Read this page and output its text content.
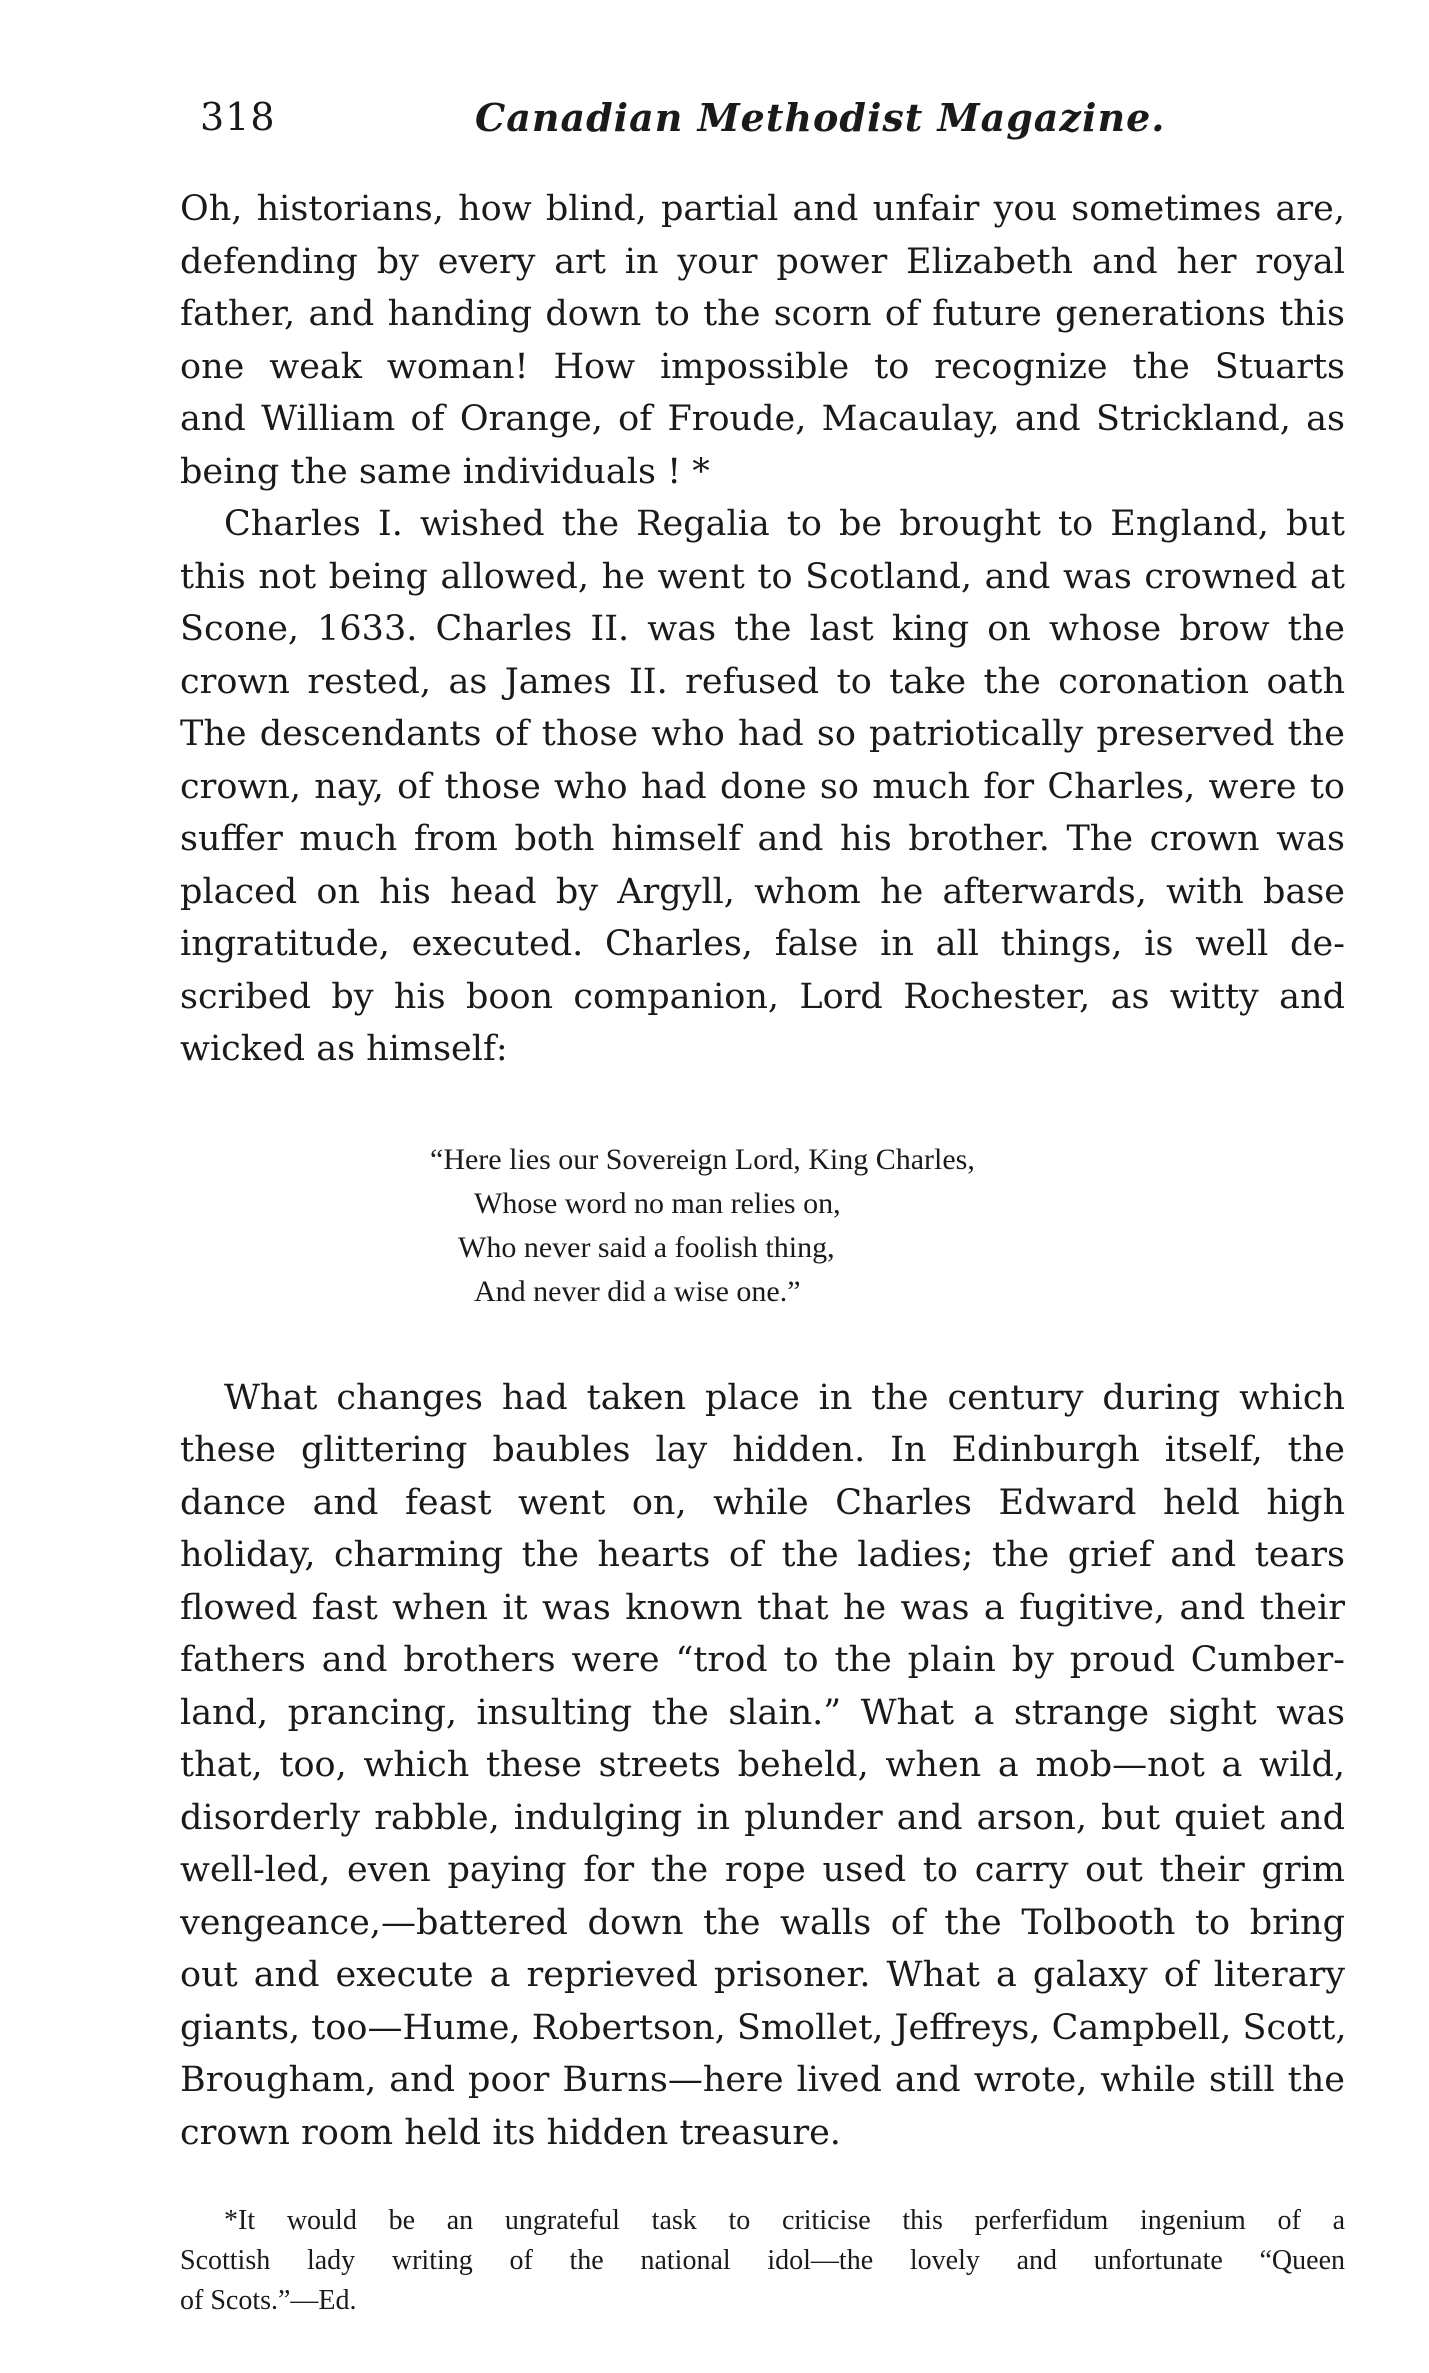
318	Canadian Methodist Magazine.

Oh, historians, how blind, partial and unfair you sometimes are,
defending by every art in your power Elizabeth and her royal
father, and handing down to the scorn of future generations this
one weak woman! How impossible to recognize the Stuarts
and William of Orange, of Froude, Macaulay, and Strickland, as
being the same individuals ! *

Charles I. wished the Regalia to be brought to England, but
this not being allowed, he went to Scotland, and was crowned at
Scone, 1633. Charles II. was the last king on whose brow the
crown rested, as James II. refused to take the coronation oath
The descendants of those who had so patriotically preserved the
crown, nay, of those who had done so much for Charles, were to
suffer much from both himself and his brother. The crown was
placed on his head by Argyll, whom he afterwards, with base
ingratitude, executed. Charles, false in all things, is well de-
scribed by his boon companion, Lord Rochester, as witty and
wicked as himself:

“Here lies our Sovereign Lord, King Charles,
Whose word no man relies on,
Who never said a foolish thing,
And never did a wise one.”

What changes had taken place in the century during which
these glittering baubles lay hidden. In Edinburgh itself, the
dance and feast went on, while Charles Edward held high
holiday, charming the hearts of the ladies; the grief and tears
flowed fast when it was known that he was a fugitive, and their
fathers and brothers were “trod to the plain by proud Cumber-
land, prancing, insulting the slain.” What a strange sight was
that, too, which these streets beheld, when a mob—not a wild,
disorderly rabble, indulging in plunder and arson, but quiet and
well-led, even paying for the rope used to carry out their grim
vengeance,—battered down the walls of the Tolbooth to bring
out and execute a reprieved prisoner. What a galaxy of literary
giants, too—Hume, Robertson, Smollet, Jeffreys, Campbell, Scott,
Brougham, and poor Burns—here lived and wrote, while still the
crown room held its hidden treasure.

*It would be an ungrateful task to criticise this perferfidum ingenium of a
Scottish lady writing of the national idol—the lovely and unfortunate “Queen
of Scots.”—Ed.
